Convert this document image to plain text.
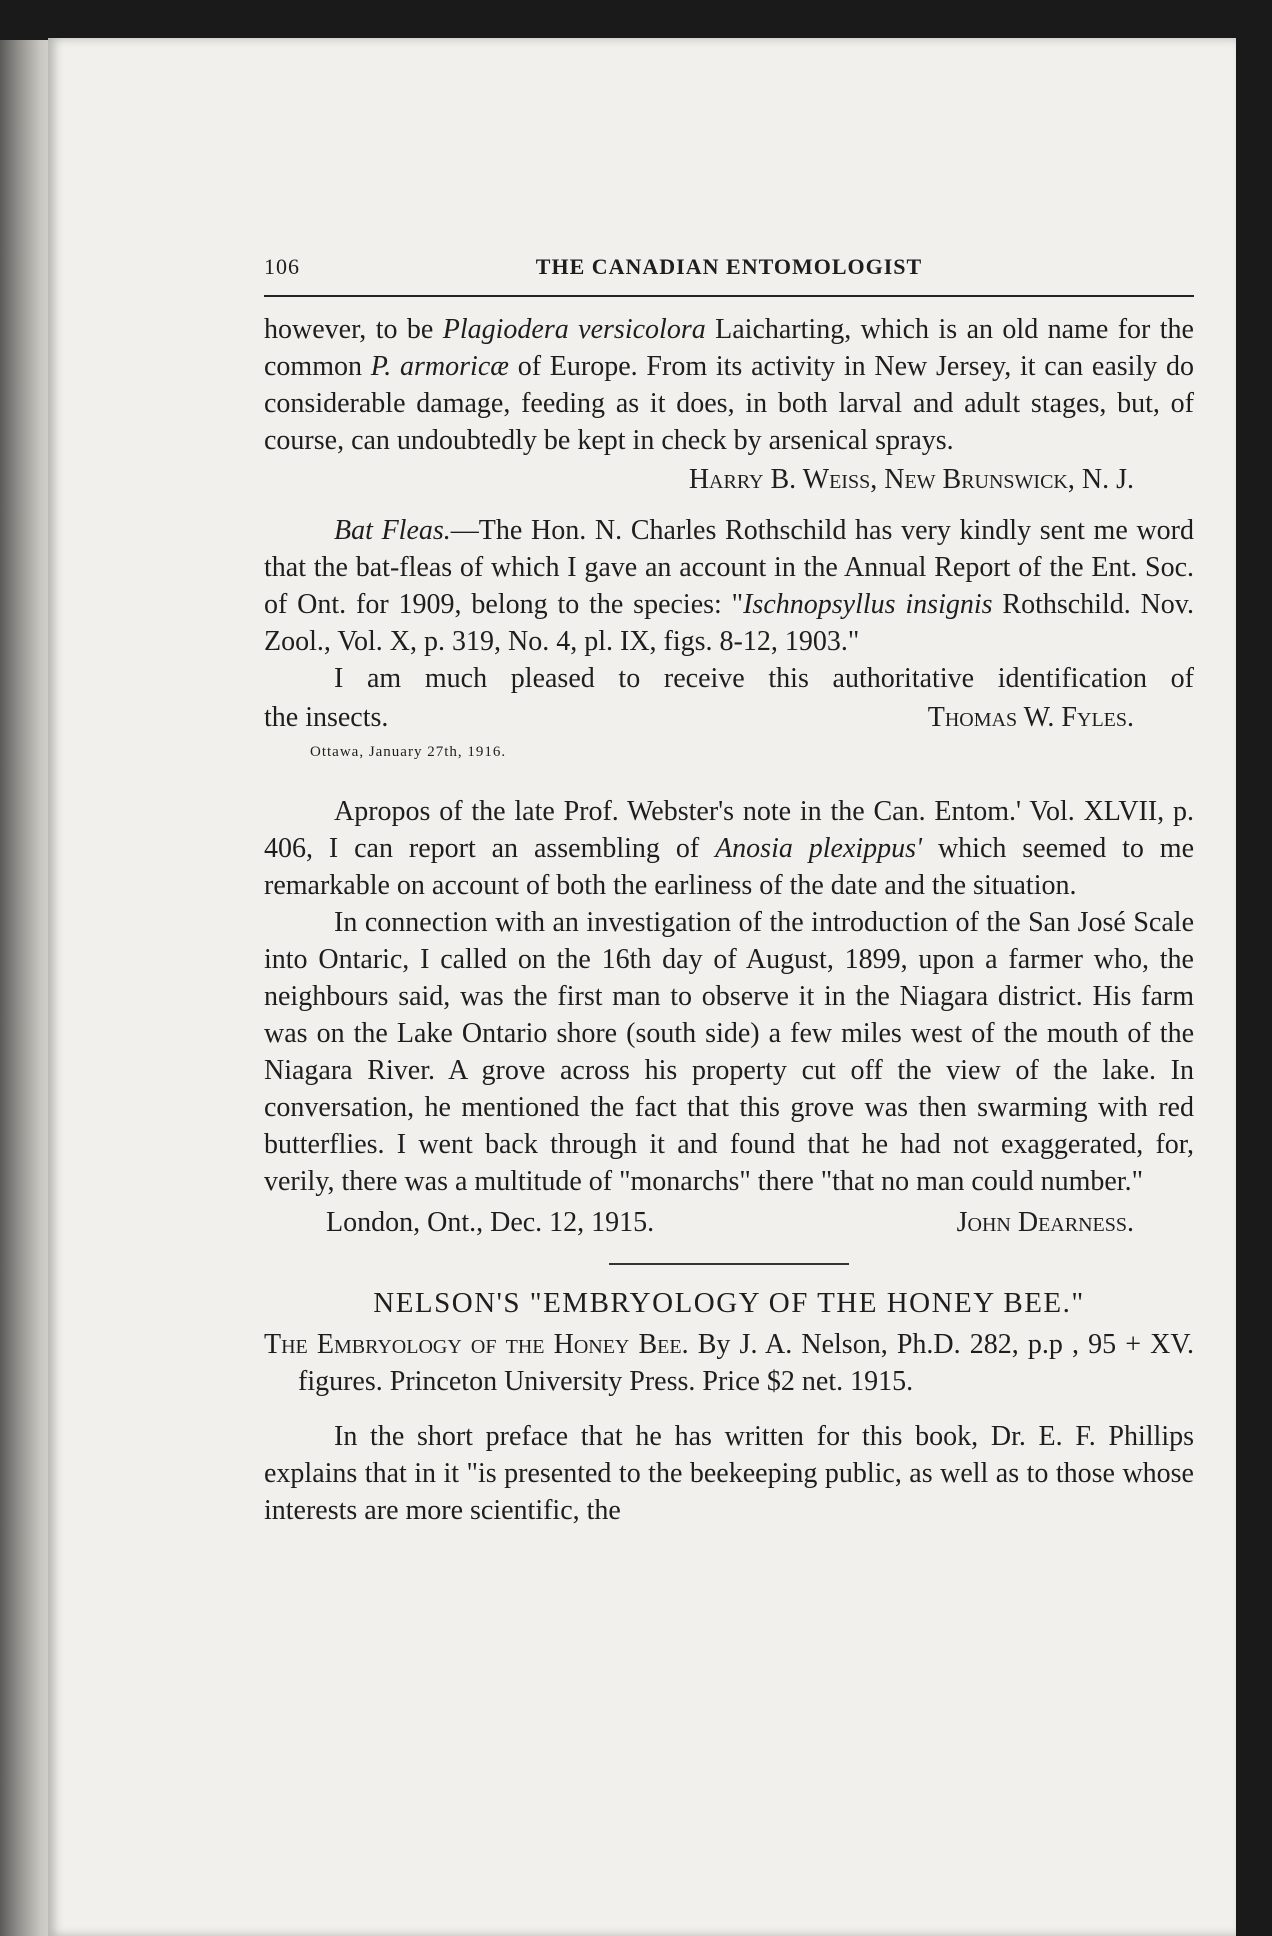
106	THE CANADIAN ENTOMOLOGIST

however, to be Plagiodera versicolora Laicharting, which is an old name for the common P. armoricæ of Europe. From its activity in New Jersey, it can easily do considerable damage, feeding as it does, in both larval and adult stages, but, of course, can undoubtedly be kept in check by arsenical sprays.

Harry B. Weiss, New Brunswick, N. J.

Bat Fleas.—The Hon. N. Charles Rothschild has very kindly sent me word that the bat-fleas of which I gave an account in the Annual Report of the Ent. Soc. of Ont. for 1909, belong to the species: "Ischnopsyllus insignis Rothschild. Nov. Zool., Vol. X, p. 319, No. 4, pl. IX, figs. 8-12, 1903."

I am much pleased to receive this authoritative identification of

the insects.	Thomas W. Fyles.
Ottawa, January 27th, 1916.

Apropos of the late Prof. Webster's note in the Can. Entom.' Vol. XLVII, p. 406, I can report an assembling of Anosia plexippus' which seemed to me remarkable on account of both the earliness of the date and the situation.

In connection with an investigation of the introduction of the San José Scale into Ontaric, I called on the 16th day of August, 1899, upon a farmer who, the neighbours said, was the first man to observe it in the Niagara district. His farm was on the Lake Ontario shore (south side) a few miles west of the mouth of the Niagara River. A grove across his property cut off the view of the lake. In conversation, he mentioned the fact that this grove was then swarming with red butterflies. I went back through it and found that he had not exaggerated, for, verily, there was a multitude of "monarchs" there "that no man could number."

London, Ont., Dec. 12, 1915.	John Dearness.
NELSON'S "EMBRYOLOGY OF THE HONEY BEE."

The Embryology of the Honey Bee. By J. A. Nelson, Ph.D. 282, p.p , 95 + XV. figures. Princeton University Press. Price $2 net. 1915.

In the short preface that he has written for this book, Dr. E. F. Phillips explains that in it "is presented to the beekeeping public, as well as to those whose interests are more scientific, the
